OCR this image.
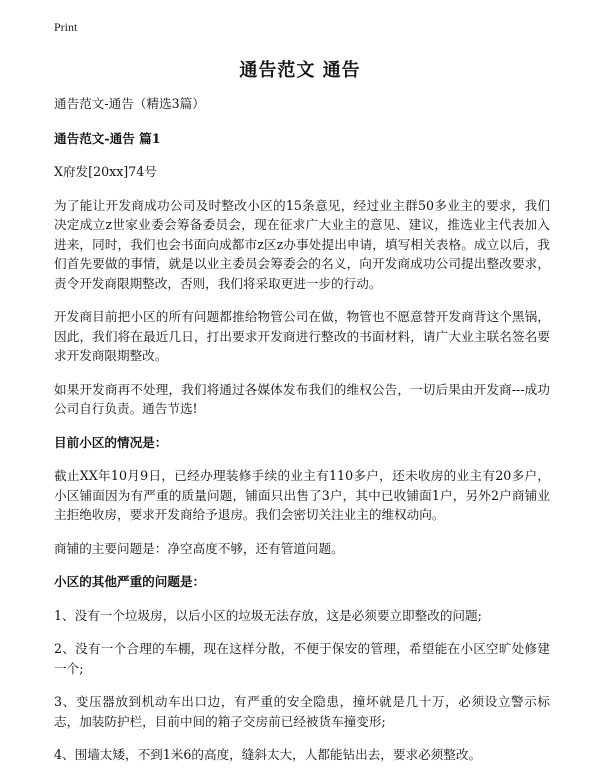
Print
通告范文 通告

通告范文-通告（精选3篇）

通告范文-通告 篇1

X府发[20xx]74号

为了能让开发商成功公司及时整改小区的15条意见，经过业主群50多业主的要求，我们决定成立z世家业委会筹备委员会，现在征求广大业主的意见、建议，推选业主代表加入进来，同时，我们也会书面向成都市z区z办事处提出申请，填写相关表格。成立以后，我们首先要做的事情，就是以业主委员会筹委会的名义，向开发商成功公司提出整改要求，责令开发商限期整改，否则，我们将采取更进一步的行动。

开发商目前把小区的所有问题都推给物管公司在做，物管也不愿意替开发商背这个黑锅，因此，我们将在最近几日，打出要求开发商进行整改的书面材料，请广大业主联名签名要求开发商限期整改。

如果开发商再不处理，我们将通过各媒体发布我们的维权公告，一切后果由开发商---成功公司自行负责。通告节选!

目前小区的情况是：

截止XX年10月9日，已经办理装修手续的业主有110多户，还未收房的业主有20多户，小区铺面因为有严重的质量问题，铺面只出售了3户，其中已收铺面1户，另外2户商铺业主拒绝收房，要求开发商给予退房。我们会密切关注业主的维权动向。

商铺的主要问题是：净空高度不够，还有管道问题。

小区的其他严重的问题是：

1、没有一个垃圾房，以后小区的垃圾无法存放，这是必须要立即整改的问题;

2、没有一个合理的车棚，现在这样分散，不便于保安的管理，希望能在小区空旷处修建一个;

3、变压器放到机动车出口边，有严重的安全隐患，撞坏就是几十万，必须设立警示标志，加装防护栏，目前中间的箱子交房前已经被货车撞变形;

4、围墙太矮，不到1米6的高度，缝斜太大，人都能钻出去，要求必须整改。
